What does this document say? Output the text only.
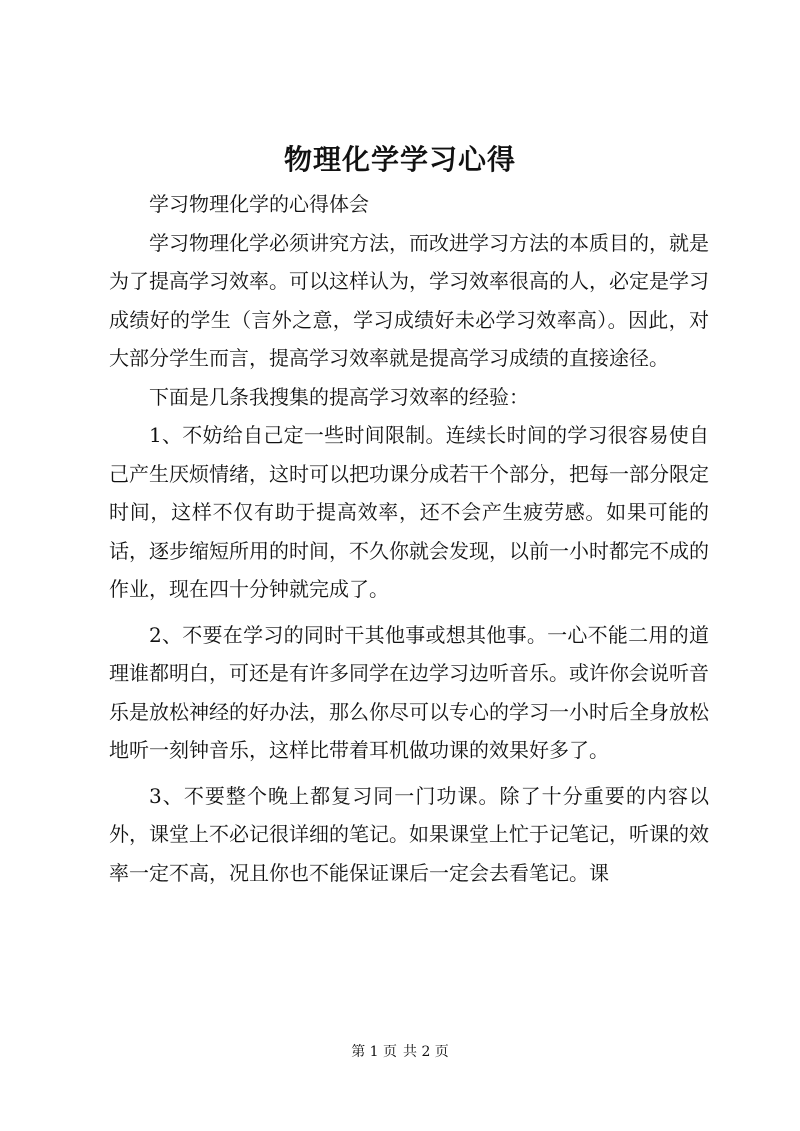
物理化学学习心得

学习物理化学的心得体会

学习物理化学必须讲究方法，而改进学习方法的本质目的，就是为了提高学习效率。可以这样认为，学习效率很高的人，必定是学习成绩好的学生（言外之意，学习成绩好未必学习效率高）。因此，对大部分学生而言，提高学习效率就是提高学习成绩的直接途径。

下面是几条我搜集的提高学习效率的经验：

1、不妨给自己定一些时间限制。连续长时间的学习很容易使自己产生厌烦情绪，这时可以把功课分成若干个部分，把每一部分限定时间，这样不仅有助于提高效率，还不会产生疲劳感。如果可能的话，逐步缩短所用的时间，不久你就会发现，以前一小时都完不成的作业，现在四十分钟就完成了。

2、不要在学习的同时干其他事或想其他事。一心不能二用的道理谁都明白，可还是有许多同学在边学习边听音乐。或许你会说听音乐是放松神经的好办法，那么你尽可以专心的学习一小时后全身放松地听一刻钟音乐，这样比带着耳机做功课的效果好多了。

3、不要整个晚上都复习同一门功课。除了十分重要的内容以外，课堂上不必记很详细的笔记。如果课堂上忙于记笔记，听课的效率一定不高，况且你也不能保证课后一定会去看笔记。课

第 1 页 共 2 页
